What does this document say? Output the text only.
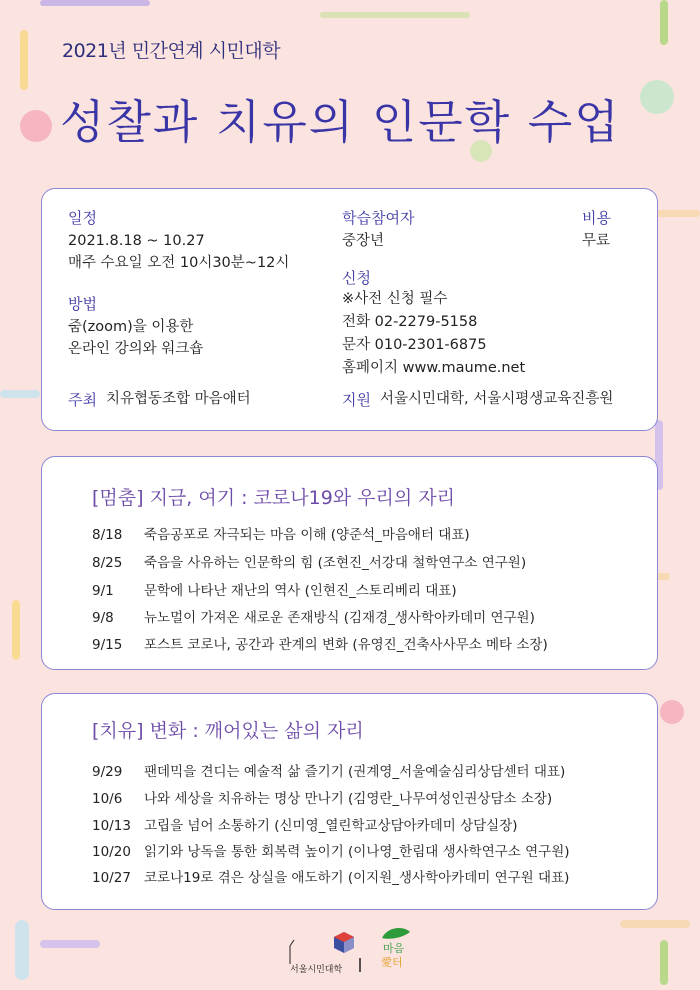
2021년 민간연계 시민대학
성찰과 치유의 인문학 수업
일정
2021.8.18 ~ 10.27
매주 수요일 오전 10시30분~12시
방법
줌(zoom)을 이용한
온라인 강의와 워크숍
주최 치유협동조합 마음애터
학습참여자
중장년
비용
무료
신청
※사전 신청 필수
전화 02-2279-5158
문자 010-2301-6875
홈페이지 www.maume.net
지원 서울시민대학, 서울시평생교육진흥원
[멈춤] 지금, 여기 : 코로나19와 우리의 자리
8/18 죽음공포로 자극되는 마음 이해 (양준석_마음애터 대표)
8/25 죽음을 사유하는 인문학의 힘 (조현진_서강대 철학연구소 연구원)
9/1 문학에 나타난 재난의 역사 (인현진_스토리베리 대표)
9/8 뉴노멀이 가져온 새로운 존재방식 (김재경_생사학아카데미 연구원)
9/15 포스트 코로나, 공간과 관계의 변화 (유영진_건축사사무소 메타 소장)
[치유] 변화 : 깨어있는 삶의 자리
9/29 팬데믹을 견디는 예술적 삶 즐기기 (권계영_서울예술심리상담센터 대표)
10/6 나와 세상을 치유하는 명상 만나기 (김영란_나무여성인권상담소 소장)
10/13 고립을 넘어 소통하기 (신미영_열린학교상담아카데미 상담실장)
10/20 읽기와 낭독을 통한 회복력 높이기 (이나영_한림대 생사학연구소 연구원)
10/27 코로나19로 겪은 상실을 애도하기 (이지원_생사학아카데미 연구원 대표)
서울시민대학
마음
愛터
